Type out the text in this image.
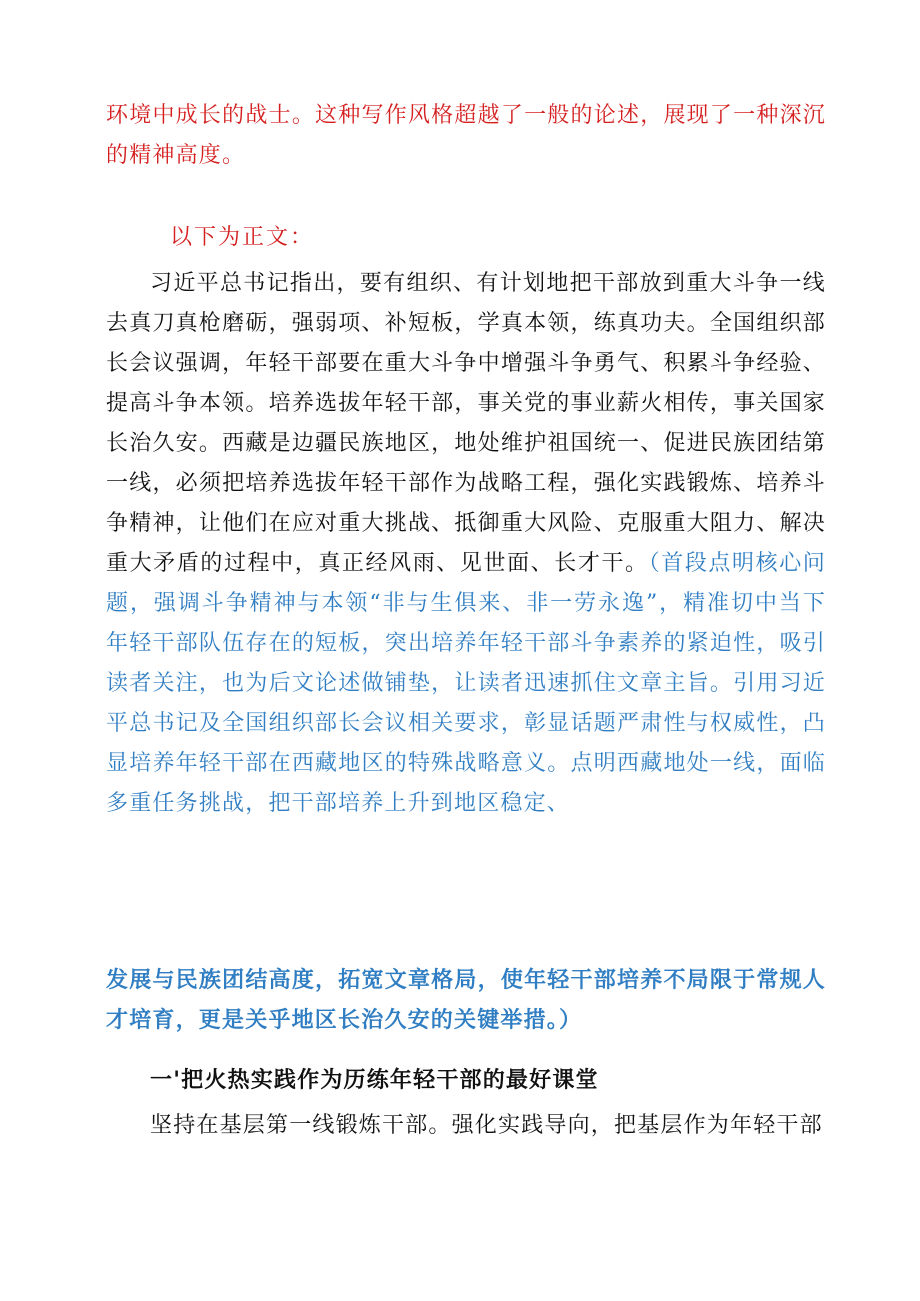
环境中成长的战士。这种写作风格超越了一般的论述，展现了一种深沉的精神高度。

以下为正文：

习近平总书记指出，要有组织、有计划地把干部放到重大斗争一线去真刀真枪磨砺，强弱项、补短板，学真本领，练真功夫。全国组织部长会议强调，年轻干部要在重大斗争中增强斗争勇气、积累斗争经验、提高斗争本领。培养选拔年轻干部，事关党的事业薪火相传，事关国家长治久安。西藏是边疆民族地区，地处维护祖国统一、促进民族团结第一线，必须把培养选拔年轻干部作为战略工程，强化实践锻炼、培养斗争精神，让他们在应对重大挑战、抵御重大风险、克服重大阻力、解决重大矛盾的过程中，真正经风雨、见世面、长才干。（首段点明核心问题，强调斗争精神与本领“非与生俱来、非一劳永逸”，精准切中当下年轻干部队伍存在的短板，突出培养年轻干部斗争素养的紧迫性，吸引读者关注，也为后文论述做铺垫，让读者迅速抓住文章主旨。引用习近平总书记及全国组织部长会议相关要求，彰显话题严肃性与权威性，凸显培养年轻干部在西藏地区的特殊战略意义。点明西藏地处一线，面临多重任务挑战，把干部培养上升到地区稳定、

发展与民族团结高度，拓宽文章格局，使年轻干部培养不局限于常规人才培育，更是关乎地区长治久安的关键举措。）

一'把火热实践作为历练年轻干部的最好课堂

坚持在基层第一线锻炼干部。强化实践导向，把基层作为年轻干部
